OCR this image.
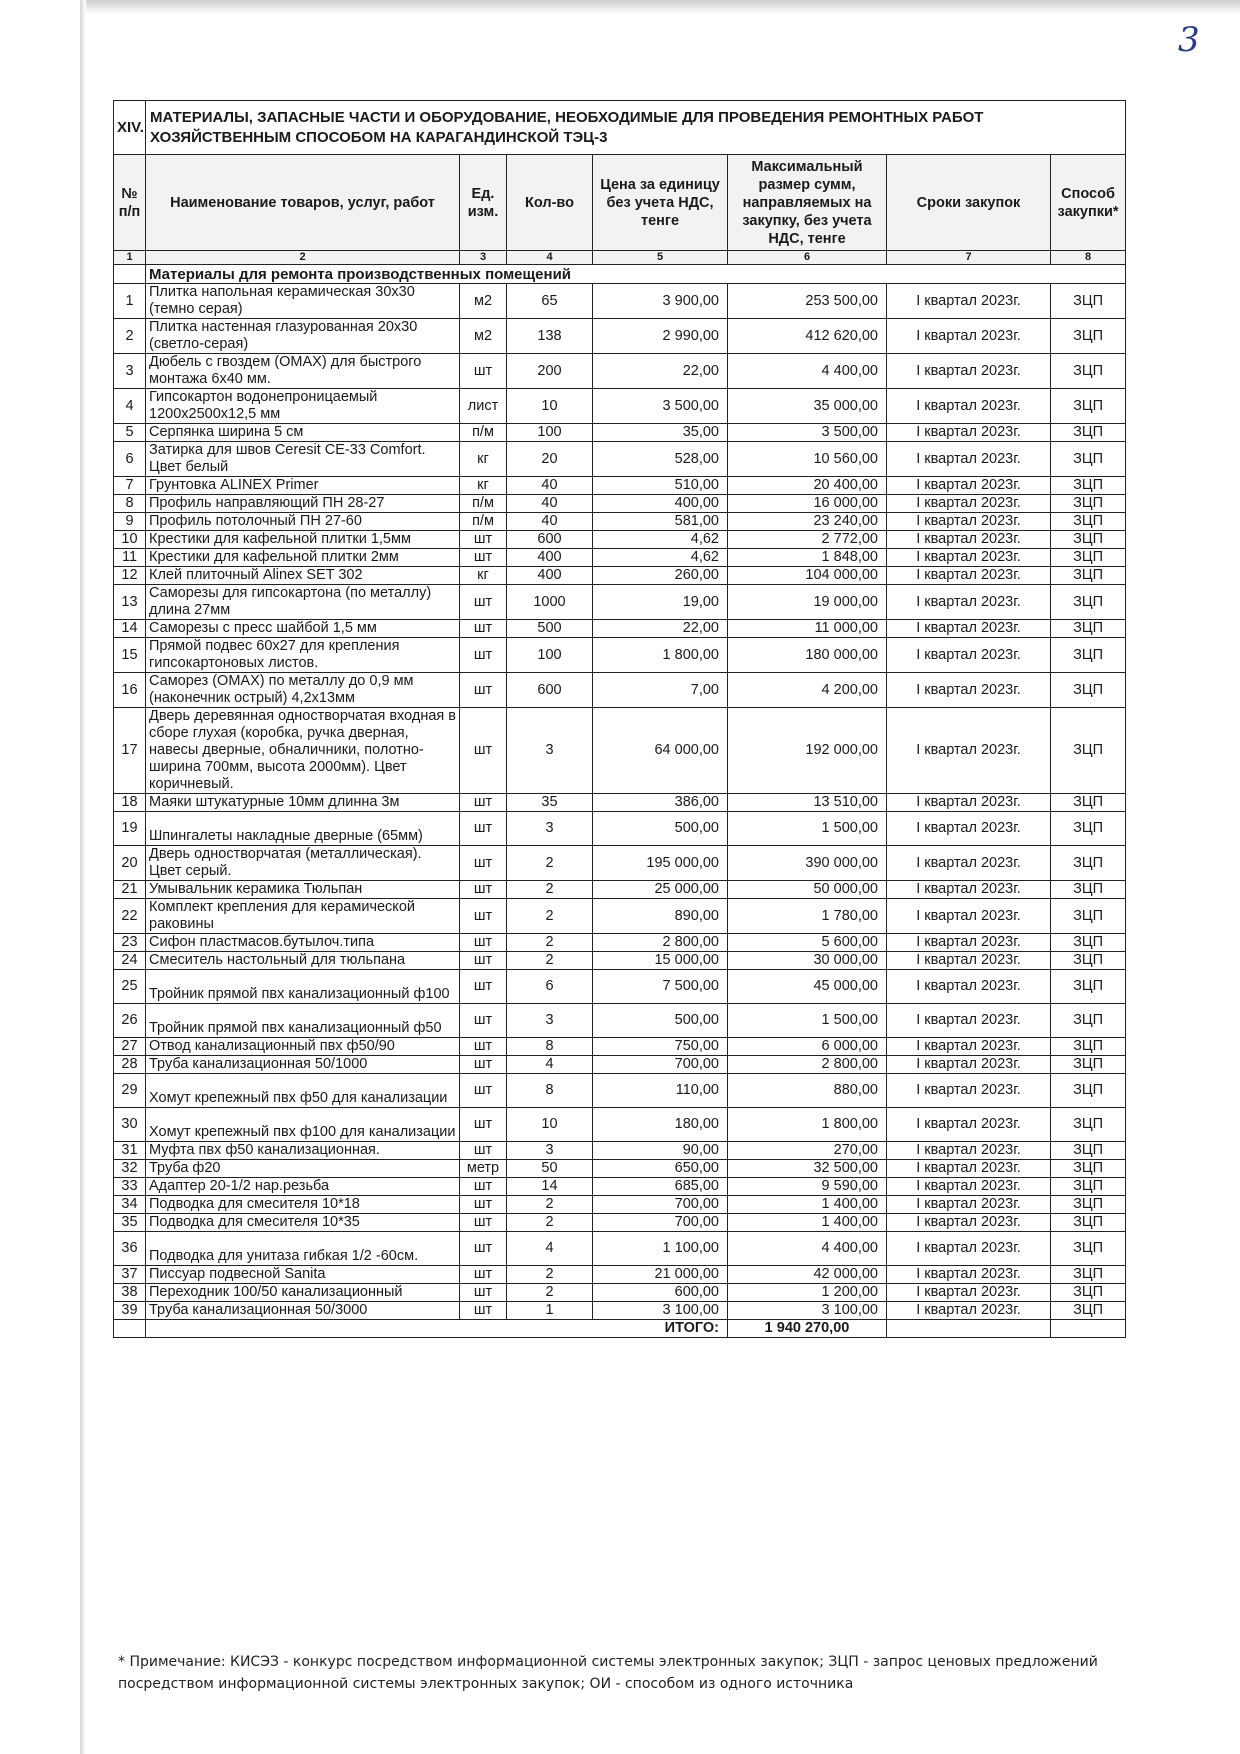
3
XIV.	МАТЕРИАЛЫ, ЗАПАСНЫЕ ЧАСТИ И ОБОРУДОВАНИЕ, НЕОБХОДИМЫЕ ДЛЯ ПРОВЕДЕНИЯ РЕМОНТНЫХ РАБОТ ХОЗЯЙСТВЕННЫМ СПОСОБОМ НА КАРАГАНДИНСКОЙ ТЭЦ-3						
№ п/п	Наименование товаров, услуг, работ	Ед. изм.	Кол-во	Цена за единицу без учета НДС, тенге	Максимальный размер сумм, направляемых на закупку, без учета НДС, тенге	Сроки закупок	Способ закупки*
1	2	3	4	5	6	7	8
	Материалы для ремонта производственных помещений						
1	Плитка напольная керамическая 30х30 (темно серая)	м2	65	3 900,00	253 500,00	I квартал 2023г.	ЗЦП
2	Плитка настенная глазурованная 20х30 (светло-серая)	м2	138	2 990,00	412 620,00	I квартал 2023г.	ЗЦП
3	Дюбель с гвоздем (OMAX) для быстрого монтажа 6х40 мм.	шт	200	22,00	4 400,00	I квартал 2023г.	ЗЦП
4	Гипсокартон водонепроницаемый 1200х2500х12,5 мм	лист	10	3 500,00	35 000,00	I квартал 2023г.	ЗЦП
5	Серпянка ширина 5 см	п/м	100	35,00	3 500,00	I квартал 2023г.	ЗЦП
6	Затирка для швов Ceresit CE-33 Comfort. Цвет белый	кг	20	528,00	10 560,00	I квартал 2023г.	ЗЦП
7	Грунтовка ALINEX Primer	кг	40	510,00	20 400,00	I квартал 2023г.	ЗЦП
8	Профиль направляющий ПН 28-27	п/м	40	400,00	16 000,00	I квартал 2023г.	ЗЦП
9	Профиль потолочный ПН 27-60	п/м	40	581,00	23 240,00	I квартал 2023г.	ЗЦП
10	Крестики для кафельной плитки 1,5мм	шт	600	4,62	2 772,00	I квартал 2023г.	ЗЦП
11	Крестики для кафельной плитки 2мм	шт	400	4,62	1 848,00	I квартал 2023г.	ЗЦП
12	Клей плиточный Alinex SET 302	кг	400	260,00	104 000,00	I квартал 2023г.	ЗЦП
13	Саморезы для гипсокартона (по металлу) длина 27мм	шт	1000	19,00	19 000,00	I квартал 2023г.	ЗЦП
14	Саморезы с пресс шайбой 1,5 мм	шт	500	22,00	11 000,00	I квартал 2023г.	ЗЦП
15	Прямой подвес 60х27 для крепления гипсокартоновых листов.	шт	100	1 800,00	180 000,00	I квартал 2023г.	ЗЦП
16	Саморез (OMAX) по металлу до 0,9 мм (наконечник острый) 4,2х13мм	шт	600	7,00	4 200,00	I квартал 2023г.	ЗЦП
17	Дверь деревянная одностворчатая входная в сборе глухая (коробка, ручка дверная, навесы дверные, обналичники, полотно- ширина 700мм, высота 2000мм). Цвет коричневый.	шт	3	64 000,00	192 000,00	I квартал 2023г.	ЗЦП
18	Маяки штукатурные 10мм длинна 3м	шт	35	386,00	13 510,00	I квартал 2023г.	ЗЦП
19	Шпингалеты накладные дверные (65мм)	шт	3	500,00	1 500,00	I квартал 2023г.	ЗЦП
20	Дверь одностворчатая (металлическая). Цвет серый.	шт	2	195 000,00	390 000,00	I квартал 2023г.	ЗЦП
21	Умывальник керамика Тюльпан	шт	2	25 000,00	50 000,00	I квартал 2023г.	ЗЦП
22	Комплект крепления для керамической раковины	шт	2	890,00	1 780,00	I квартал 2023г.	ЗЦП
23	Сифон пластмасов.бутылоч.типа	шт	2	2 800,00	5 600,00	I квартал 2023г.	ЗЦП
24	Смеситель настольный для тюльпана	шт	2	15 000,00	30 000,00	I квартал 2023г.	ЗЦП
25	Тройник прямой пвх канализационный ф100	шт	6	7 500,00	45 000,00	I квартал 2023г.	ЗЦП
26	Тройник прямой пвх канализационный ф50	шт	3	500,00	1 500,00	I квартал 2023г.	ЗЦП
27	Отвод канализационный пвх ф50/90	шт	8	750,00	6 000,00	I квартал 2023г.	ЗЦП
28	Труба канализационная 50/1000	шт	4	700,00	2 800,00	I квартал 2023г.	ЗЦП
29	Хомут крепежный пвх ф50 для канализации	шт	8	110,00	880,00	I квартал 2023г.	ЗЦП
30	Хомут крепежный пвх ф100 для канализации	шт	10	180,00	1 800,00	I квартал 2023г.	ЗЦП
31	Муфта пвх ф50 канализационная.	шт	3	90,00	270,00	I квартал 2023г.	ЗЦП
32	Труба ф20	метр	50	650,00	32 500,00	I квартал 2023г.	ЗЦП
33	Адаптер 20-1/2 нар.резьба	шт	14	685,00	9 590,00	I квартал 2023г.	ЗЦП
34	Подводка для смесителя 10*18	шт	2	700,00	1 400,00	I квартал 2023г.	ЗЦП
35	Подводка для смесителя 10*35	шт	2	700,00	1 400,00	I квартал 2023г.	ЗЦП
36	Подводка для унитаза гибкая 1/2 -60см.	шт	4	1 100,00	4 400,00	I квартал 2023г.	ЗЦП
37	Писсуар подвесной Sanita	шт	2	21 000,00	42 000,00	I квартал 2023г.	ЗЦП
38	Переходник 100/50 канализационный	шт	2	600,00	1 200,00	I квартал 2023г.	ЗЦП
39	Труба канализационная 50/3000	шт	1	3 100,00	3 100,00	I квартал 2023г.	ЗЦП
	ИТОГО:				1 940 270,00		
* Примечание: КИСЭЗ - конкурс посредством информационной системы электронных закупок; ЗЦП - запрос ценовых предложений посредством информационной системы электронных закупок; ОИ - способом из одного источника
